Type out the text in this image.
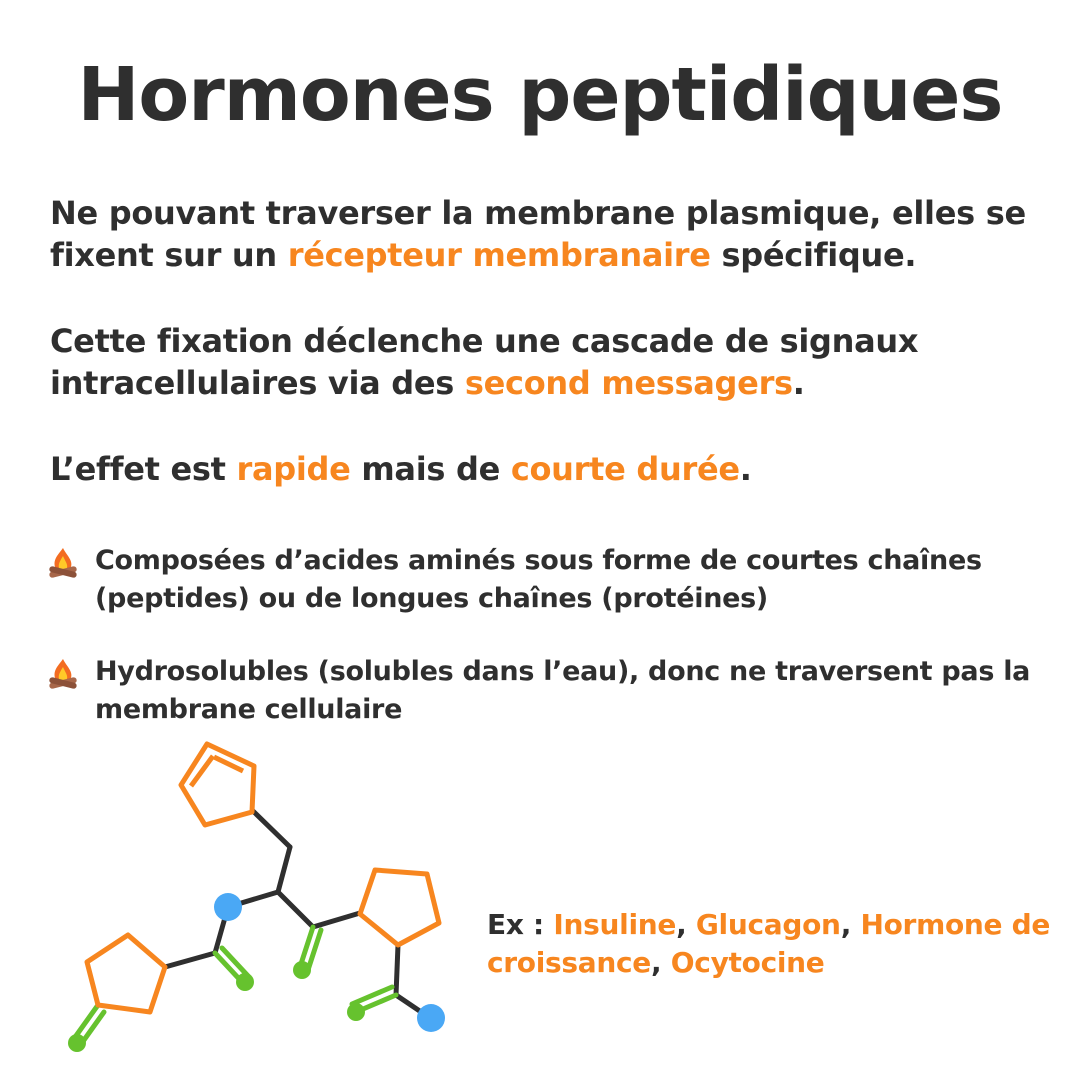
Hormones peptidiques

Ne pouvant traverser la membrane plasmique, elles se fixent sur un récepteur membranaire spécifique.

Cette fixation déclenche une cascade de signaux intracellulaires via des second messagers.

L’effet est rapide mais de courte durée.

Composées d’acides aminés sous forme de courtes chaînes (peptides) ou de longues chaînes (protéines)
Hydrosolubles (solubles dans l’eau), donc ne traversent pas la membrane cellulaire
Ex : Insuline, Glucagon, Hormone de croissance, Ocytocine
